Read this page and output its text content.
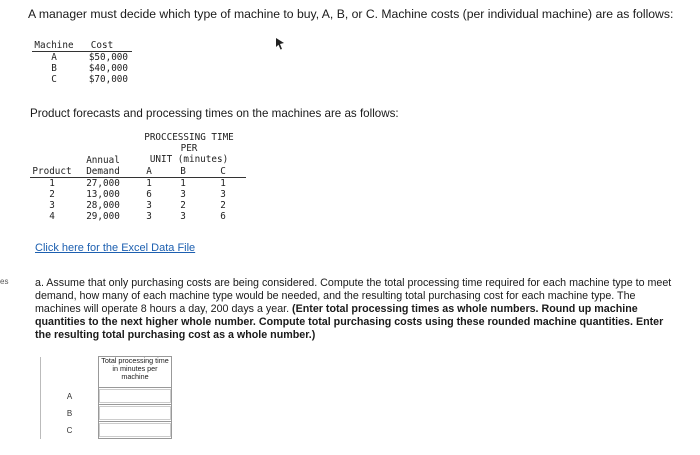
A manager must decide which type of machine to buy, A, B, or C. Machine costs (per individual machine) are as follows:
Machine Cost
A	$50,000
B	$40,000
C	$70,000
Product forecasts and processing times on the machines are as follows:
PROCCESSING TIME PER
UNIT (minutes)
Annual
Product Demand	A	B	C
1	27,000	1	1	1
2	13,000	6	3	3
3	28,000	3	2	2
4	29,000	3	3	6
Click here for the Excel Data File
es a. Assume that only purchasing costs are being considered. Compute the total processing time required for each machine type to meet demand, how many of each machine type would be needed, and the resulting total purchasing cost for each machine type. The machines will operate 8 hours a day, 200 days a year. (Enter total processing times as whole numbers. Round up machine quantities to the next higher whole number. Compute total purchasing costs using these rounded machine quantities. Enter the resulting total purchasing cost as a whole number.)
	Total processing time in minutes per machine
A	
B	
C	
